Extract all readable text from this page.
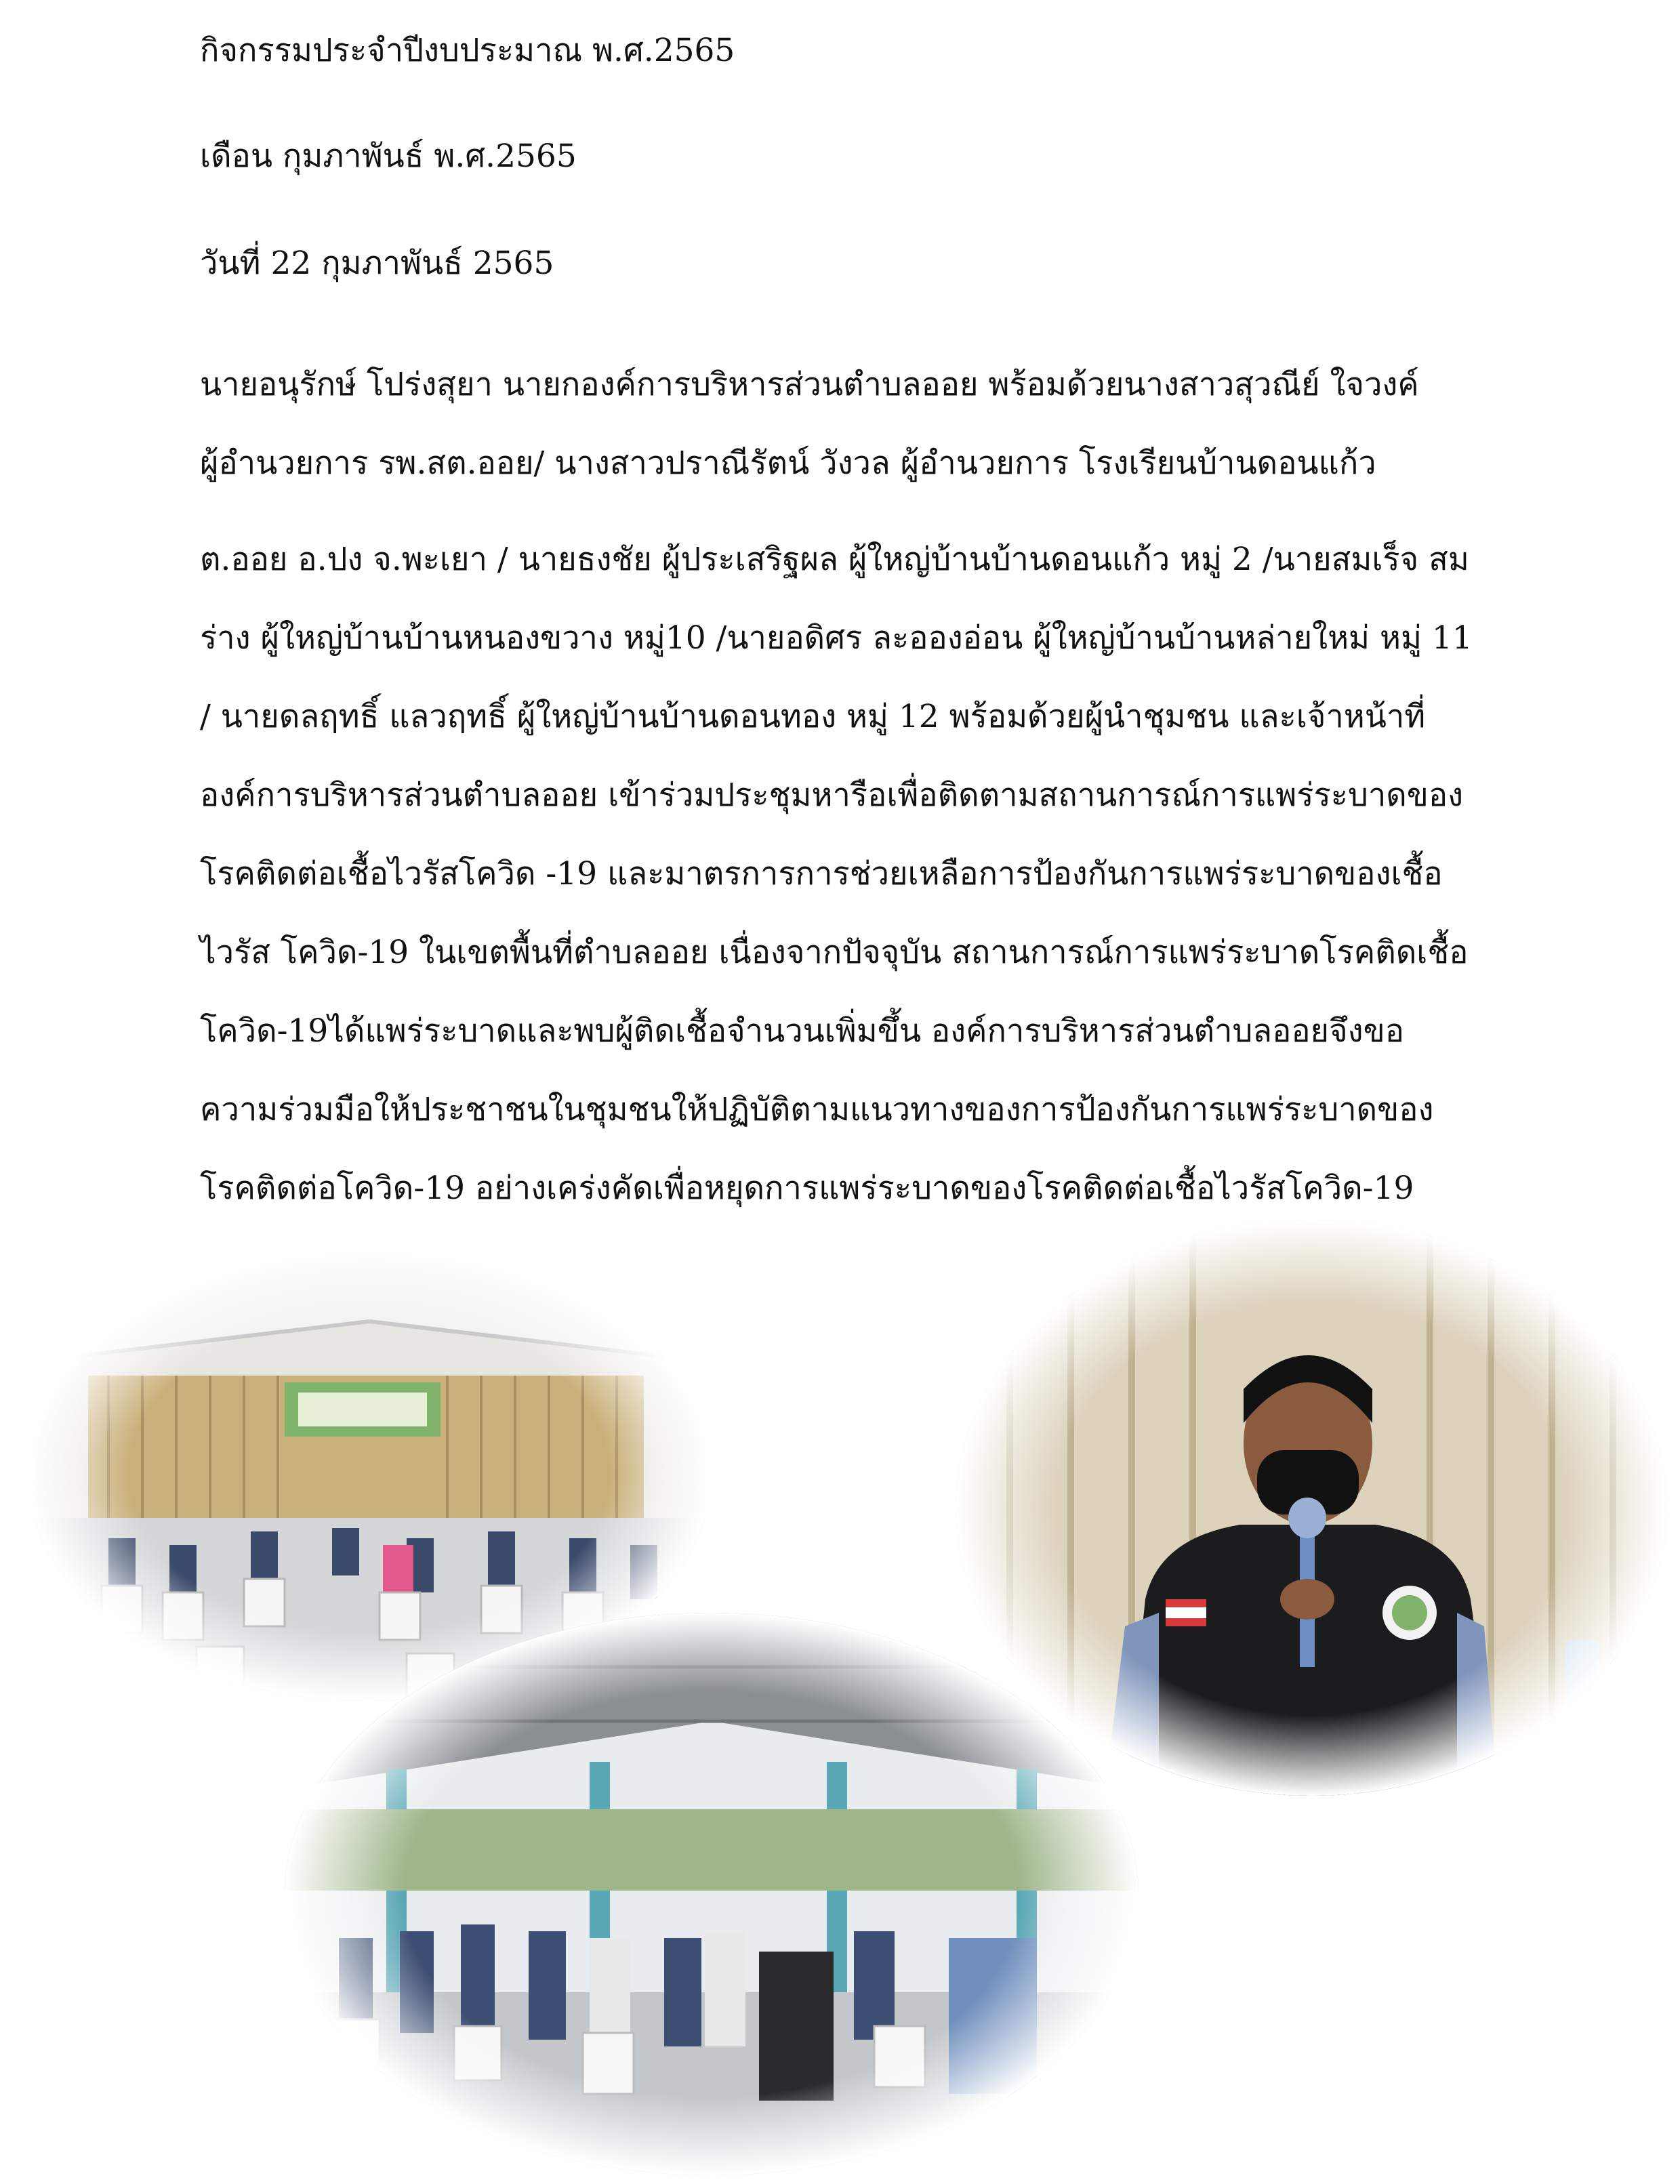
กิจกรรมประจำปีงบประมาณ พ.ศ.2565
เดือน กุมภาพันธ์ พ.ศ.2565
วันที่ 22 กุมภาพันธ์ 2565
นายอนุรักษ์ โปร่งสุยา นายกองค์การบริหารส่วนตำบลออย พร้อมด้วยนางสาวสุวณีย์ ใจวงค์
ผู้อำนวยการ รพ.สต.ออย/ นางสาวปราณีรัตน์ วังวล ผู้อำนวยการ โรงเรียนบ้านดอนแก้ว
ต.ออย อ.ปง จ.พะเยา / นายธงชัย ผู้ประเสริฐผล ผู้ใหญ่บ้านบ้านดอนแก้ว หมู่ 2 /นายสมเร็จ สม
ร่าง ผู้ใหญ่บ้านบ้านหนองขวาง หมู่10 /นายอดิศร ละอองอ่อน ผู้ใหญ่บ้านบ้านหล่ายใหม่ หมู่ 11
/ นายดลฤทธิ์ แลวฤทธิ์ ผู้ใหญ่บ้านบ้านดอนทอง หมู่ 12 พร้อมด้วยผู้นำชุมชน และเจ้าหน้าที่
องค์การบริหารส่วนตำบลออย เข้าร่วมประชุมหารือเพื่อติดตามสถานการณ์การแพร่ระบาดของ
โรคติดต่อเชื้อไวรัสโควิด -19 และมาตรการการช่วยเหลือการป้องกันการแพร่ระบาดของเชื้อ
ไวรัส โควิด-19 ในเขตพื้นที่ตำบลออย เนื่องจากปัจจุบัน สถานการณ์การแพร่ระบาดโรคติดเชื้อ
โควิด-19ได้แพร่ระบาดและพบผู้ติดเชื้อจำนวนเพิ่มขึ้น องค์การบริหารส่วนตำบลออยจึงขอ
ความร่วมมือให้ประชาชนในชุมชนให้ปฏิบัติตามแนวทางของการป้องกันการแพร่ระบาดของ
โรคติดต่อโควิด-19 อย่างเคร่งคัดเพื่อหยุดการแพร่ระบาดของโรคติดต่อเชื้อไวรัสโควิด-19
